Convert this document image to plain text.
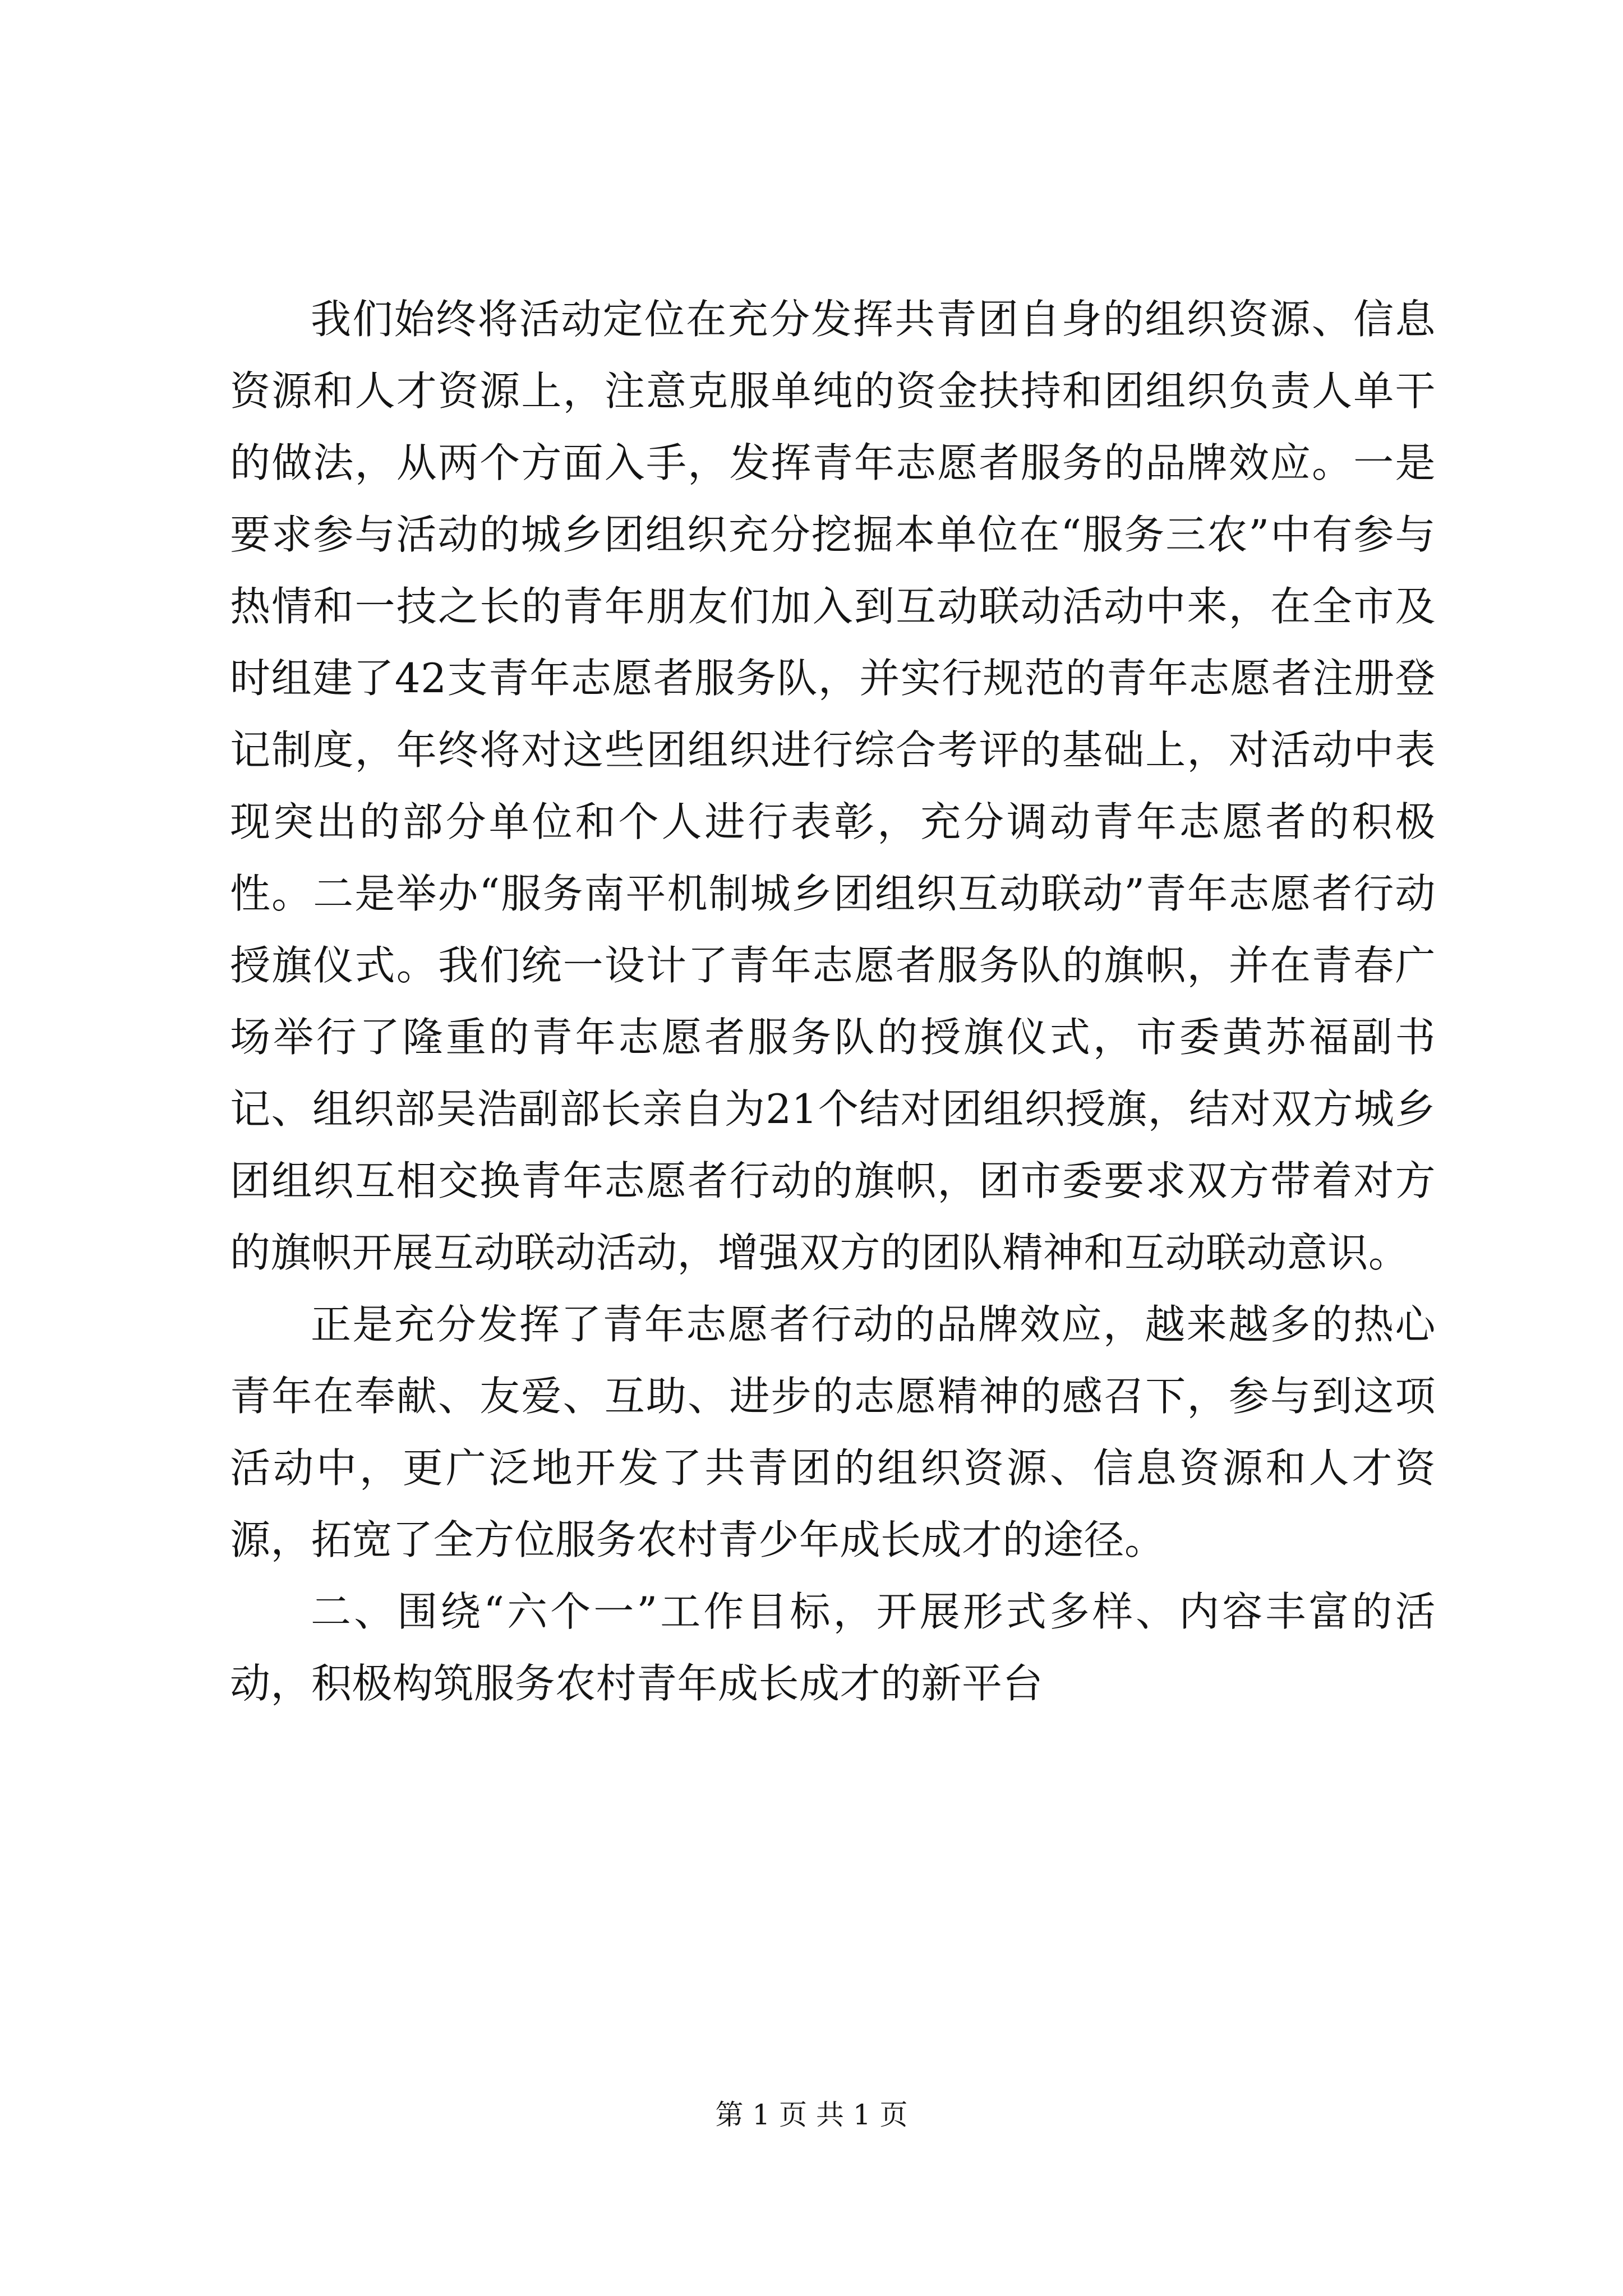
我们始终将活动定位在充分发挥共青团自身的组织资源、信息资源和人才资源上，注意克服单纯的资金扶持和团组织负责人单干的做法，从两个方面入手，发挥青年志愿者服务的品牌效应。一是要求参与活动的城乡团组织充分挖掘本单位在“服务三农”中有参与热情和一技之长的青年朋友们加入到互动联动活动中来，在全市及时组建了42支青年志愿者服务队，并实行规范的青年志愿者注册登记制度，年终将对这些团组织进行综合考评的基础上，对活动中表现突出的部分单位和个人进行表彰，充分调动青年志愿者的积极性。二是举办“服务南平机制城乡团组织互动联动”青年志愿者行动授旗仪式。我们统一设计了青年志愿者服务队的旗帜，并在青春广场举行了隆重的青年志愿者服务队的授旗仪式，市委黄苏福副书记、组织部吴浩副部长亲自为21个结对团组织授旗，结对双方城乡团组织互相交换青年志愿者行动的旗帜，团市委要求双方带着对方的旗帜开展互动联动活动，增强双方的团队精神和互动联动意识。

正是充分发挥了青年志愿者行动的品牌效应，越来越多的热心青年在奉献、友爱、互助、进步的志愿精神的感召下，参与到这项活动中，更广泛地开发了共青团的组织资源、信息资源和人才资源，拓宽了全方位服务农村青少年成长成才的途径。

二、围绕“六个一”工作目标，开展形式多样、内容丰富的活动，积极构筑服务农村青年成长成才的新平台

第 1 页 共 1 页
